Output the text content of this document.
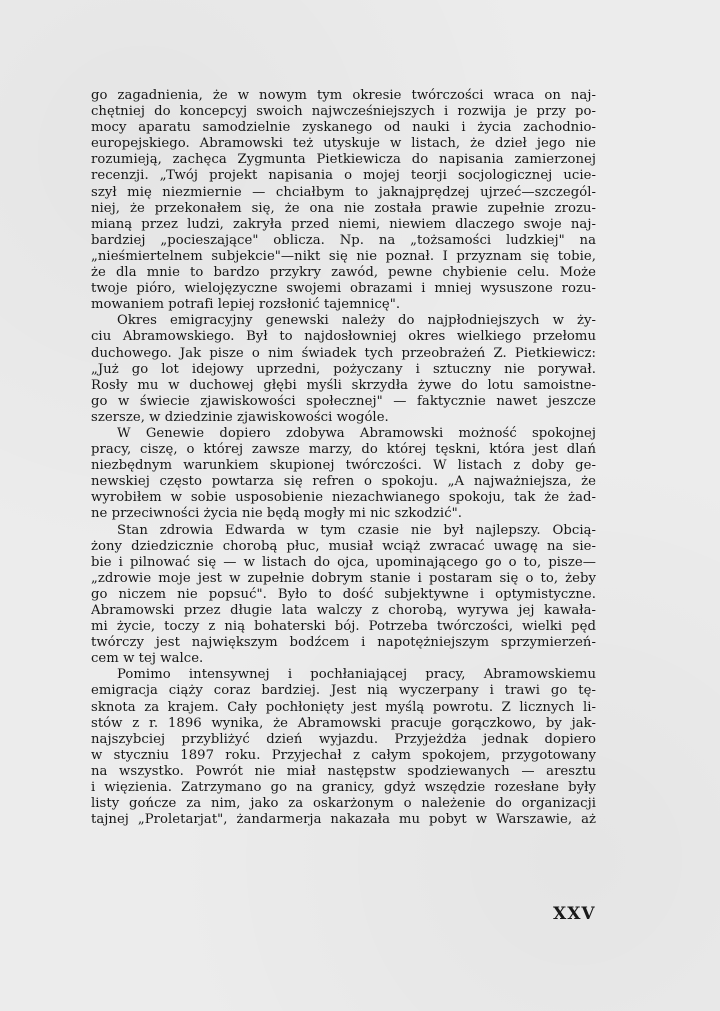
go zagadnienia, że w nowym tym okresie twórczości wraca on naj-
chętniej do koncepcyj swoich najwcześniejszych i rozwija je przy po-
mocy aparatu samodzielnie zyskanego od nauki i życia zachodnio-
europejskiego. Abramowski też utyskuje w listach, że dzieł jego nie
rozumieją, zachęca Zygmunta Pietkiewicza do napisania zamierzonej
recenzji. „Twój projekt napisania o mojej teorji socjologicznej ucie-
szył mię niezmiernie — chciałbym to jaknajprędzej ujrzeć—szczegól-
niej, że przekonałem się, że ona nie została prawie zupełnie zrozu-
mianą przez ludzi, zakryła przed niemi, niewiem dlaczego swoje naj-
bardziej „pocieszające" oblicza. Np. na „tożsamości ludzkiej" na
„nieśmiertelnem subjekcie"—nikt się nie poznał. I przyznam się tobie,
że dla mnie to bardzo przykry zawód, pewne chybienie celu. Może
twoje pióro, wielojęzyczne swojemi obrazami i mniej wysuszone rozu-
mowaniem potrafi lepiej rozsłonić tajemnicę".
Okres emigracyjny genewski należy do najpłodniejszych w ży-
ciu Abramowskiego. Był to najdosłowniej okres wielkiego przełomu
duchowego. Jak pisze o nim świadek tych przeobrażeń Z. Pietkiewicz:
„Już go lot idejowy uprzedni, pożyczany i sztuczny nie porywał.
Rosły mu w duchowej głębi myśli skrzydła żywe do lotu samoistne-
go w świecie zjawiskowości społecznej" — faktycznie nawet jeszcze
szersze, w dziedzinie zjawiskowości wogóle.
W Genewie dopiero zdobywa Abramowski możność spokojnej
pracy, ciszę, o której zawsze marzy, do której tęskni, która jest dlań
niezbędnym warunkiem skupionej twórczości. W listach z doby ge-
newskiej często powtarza się refren o spokoju. „A najważniejsza, że
wyrobiłem w sobie usposobienie niezachwianego spokoju, tak że żad-
ne przeciwności życia nie będą mogły mi nic szkodzić".
Stan zdrowia Edwarda w tym czasie nie był najlepszy. Obcią-
żony dziedzicznie chorobą płuc, musiał wciąż zwracać uwagę na sie-
bie i pilnować się — w listach do ojca, upominającego go o to, pisze—
„zdrowie moje jest w zupełnie dobrym stanie i postaram się o to, żeby
go niczem nie popsuć". Było to dość subjektywne i optymistyczne.
Abramowski przez długie lata walczy z chorobą, wyrywa jej kawała-
mi życie, toczy z nią bohaterski bój. Potrzeba twórczości, wielki pęd
twórczy jest największym bodźcem i napotężniejszym sprzymierzeń-
cem w tej walce.
Pomimo intensywnej i pochłaniającej pracy, Abramowskiemu
emigracja ciąży coraz bardziej. Jest nią wyczerpany i trawi go tę-
sknota za krajem. Cały pochłonięty jest myślą powrotu. Z licznych li-
stów z r. 1896 wynika, że Abramowski pracuje gorączkowo, by jak-
najszybciej przybliżyć dzień wyjazdu. Przyjeżdża jednak dopiero
w styczniu 1897 roku. Przyjechał z całym spokojem, przygotowany
na wszystko. Powrót nie miał następstw spodziewanych — aresztu
i więzienia. Zatrzymano go na granicy, gdyż wszędzie rozesłane były
listy gończe za nim, jako za oskarżonym o należenie do organizacji
tajnej „Proletarjat", żandarmerja nakazała mu pobyt w Warszawie, aż
XXV
